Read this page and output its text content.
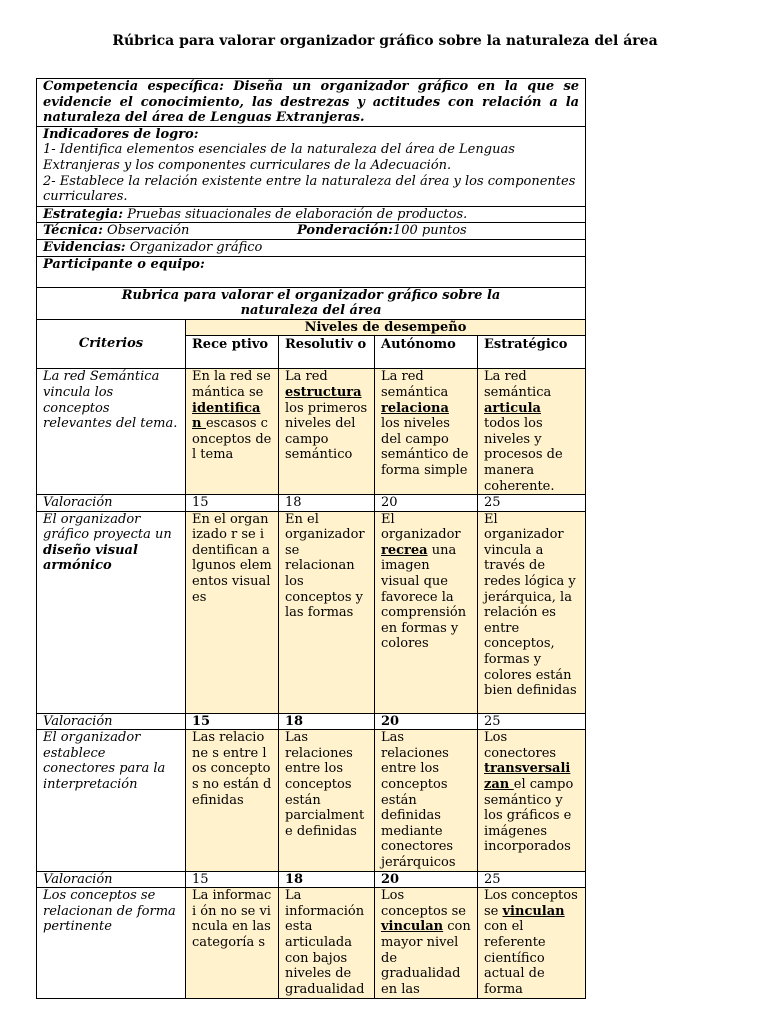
Rúbrica para valorar organizador gráfico sobre la naturaleza del área
Competencia específica: Diseña un organizador gráfico en la que se evidencie el conocimiento, las destrezas y actitudes con relación a la naturaleza del área de Lenguas Extranjeras.				

Indicadores de logro:
1- Identifica elementos esenciales de la naturaleza del área de Lenguas Extranjeras y los componentes curriculares de la Adecuación.
2- Establece la relación existente entre la naturaleza del área y los componentes curriculares.				

Estrategia: Pruebas situacionales de elaboración de productos.				
Técnica: Observación Ponderación:100 puntos				
Evidencias: Organizador gráfico				
Participante o equipo:				
Rubrica para valorar el organizador gráfico sobre la naturaleza del área				
Criterios	Niveles de desempeño			
	Rece ptivo	Resolutiv o	Autónomo	Estratégico
La red Semántica vincula los conceptos relevantes del tema.	En la red semántica se identifica n escasos conceptos del tema	La red estructura los primeros niveles del campo semántico	La red semántica relaciona los niveles del campo semántico de forma simple	La red semántica articula todos los niveles y procesos de manera coherente.
Valoración	15	18	20	25
El organizador gráfico proyecta un diseño visual armónico	En el organizado r se identifican algunos elementos visuales	En el organizador se relacionan los conceptos y las formas	El organizador recrea una imagen visual que favorece la comprensión en formas y colores	El organizador vincula a través de redes lógica y jerárquica, la relación es entre conceptos, formas y colores están bien definidas
Valoración	15	18	20	25
El organizador establece conectores para la interpretación	Las relacione s entre los conceptos no están definidas	Las relaciones entre los conceptos están parcialment e definidas	Las relaciones entre los conceptos están definidas mediante conectores jerárquicos	Los conectores transversali zan el campo semántico y los gráficos e imágenes incorporados
Valoración	15	18	20	25
Los conceptos se relacionan de forma pertinente	La informaci ón no se vincula en las categoría s	La información esta articulada con bajos niveles de gradualidad	Los conceptos se vinculan con mayor nivel de gradualidad en las	Los conceptos se vinculan con el referente científico actual de forma
